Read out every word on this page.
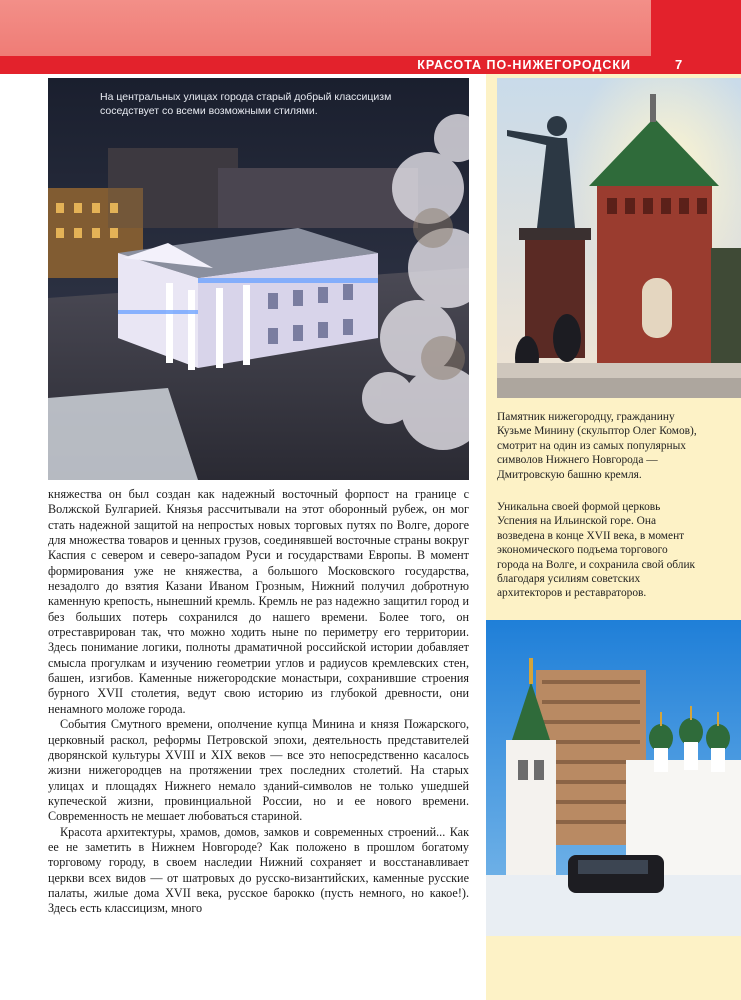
КРАСОТА ПО-НИЖЕГОРОДСКИ	7
На центральных улицах города старый добрый классицизм соседствует со всеми возможными стилями.
Памятник нижегородцу, гражданину Кузьме Минину (скульптор Олег Комов), смотрит на один из самых популярных символов Нижнего Новгорода — Дмитровскую башню кремля.
Уникальна своей формой церковь Успения на Ильинской горе. Она возведена в конце XVII века, в момент экономического подъема торгового города на Волге, и сохранила свой облик благодаря усилиям советских архитекторов и реставраторов.

княжества он был создан как надежный восточный форпост на границе с Волжской Булгарией. Князья рассчитывали на этот оборонный рубеж, он мог стать надежной защитой на непростых новых торговых путях по Волге, дороге для множества товаров и ценных грузов, соединявшей восточные страны вокруг Каспия с севером и северо-западом Руси и государствами Европы. В момент формирования уже не княжества, а большого Московского государства, незадолго до взятия Казани Иваном Грозным, Нижний получил добротную каменную крепость, нынешний кремль. Кремль не раз надежно защитил город и без больших потерь сохранился до нашего времени. Более того, он отреставрирован так, что можно ходить ныне по периметру его территории. Здесь понимание логики, полноты драматичной российской истории добавляет смысла прогулкам и изучению геометрии углов и радиусов кремлевских стен, башен, изгибов. Каменные нижегородские монастыри, сохранившие строения бурного XVII столетия, ведут свою историю из глубокой древности, они ненамного моложе города.

События Смутного времени, ополчение купца Минина и князя Пожарского, церковный раскол, реформы Петровской эпохи, деятельность представителей дворянской культуры XVIII и XIX веков — все это непосредственно касалось жизни нижегородцев на протяжении трех последних столетий. На старых улицах и площадях Нижнего немало зданий-символов не только ушедшей купеческой жизни, провинциальной России, но и ее нового времени. Современность не мешает любоваться стариной.

Красота архитектуры, храмов, домов, замков и современных строений... Как ее не заметить в Нижнем Новгороде? Как положено в прошлом богатому торговому городу, в своем наследии Нижний сохраняет и восстанавливает церкви всех видов — от шатровых до русско-византийских, каменные русские палаты, жилые дома XVII века, русское барокко (пусть немного, но какое!). Здесь есть классицизм, много
